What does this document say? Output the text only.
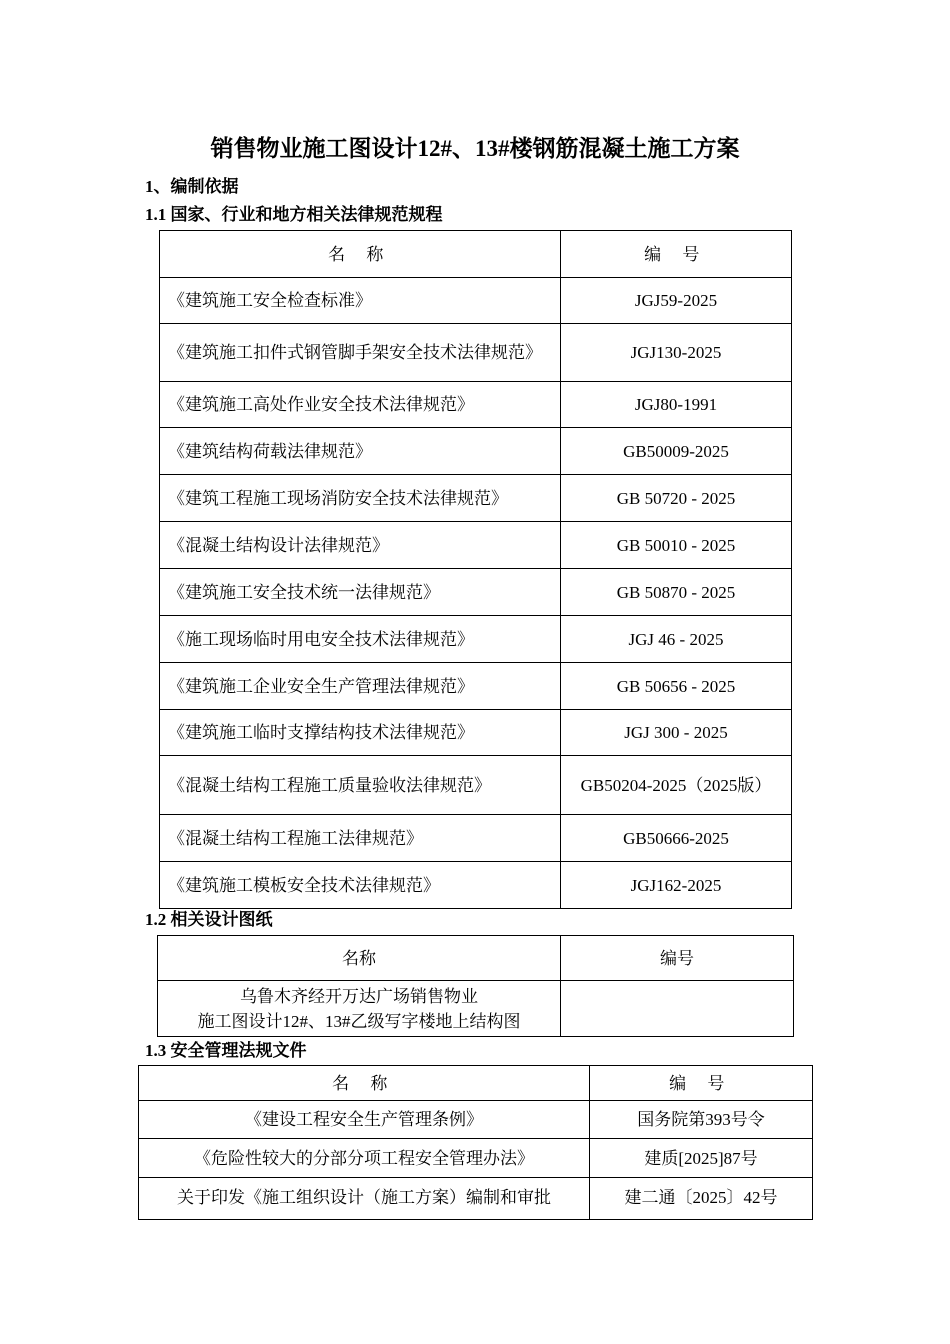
销售物业施工图设计12#、13#楼钢筋混凝土施工方案
1、编制依据
1.1 国家、行业和地方相关法律规范规程
名 称	编 号
《建筑施工安全检查标准》	JGJ59-2025
《建筑施工扣件式钢管脚手架安全技术法律规范》	JGJ130-2025
《建筑施工高处作业安全技术法律规范》	JGJ80-1991
《建筑结构荷载法律规范》	GB50009-2025
《建筑工程施工现场消防安全技术法律规范》	GB 50720 - 2025
《混凝土结构设计法律规范》	GB 50010 - 2025
《建筑施工安全技术统一法律规范》	GB 50870 - 2025
《施工现场临时用电安全技术法律规范》	JGJ 46 - 2025
《建筑施工企业安全生产管理法律规范》	GB 50656 - 2025
《建筑施工临时支撑结构技术法律规范》	JGJ 300 - 2025
《混凝土结构工程施工质量验收法律规范》	GB50204-2025（2025版）
《混凝土结构工程施工法律规范》	GB50666-2025
《建筑施工模板安全技术法律规范》	JGJ162-2025
1.2 相关设计图纸
名称	编号

乌鲁木齐经开万达广场销售物业
施工图设计12#、13#乙级写字楼地上结构图	

1.3 安全管理法规文件
名 称	编 号
《建设工程安全生产管理条例》	国务院第393号令
《危险性较大的分部分项工程安全管理办法》	建质[2025]87号
关于印发《施工组织设计（施工方案）编制和审批	建二通〔2025〕42号
